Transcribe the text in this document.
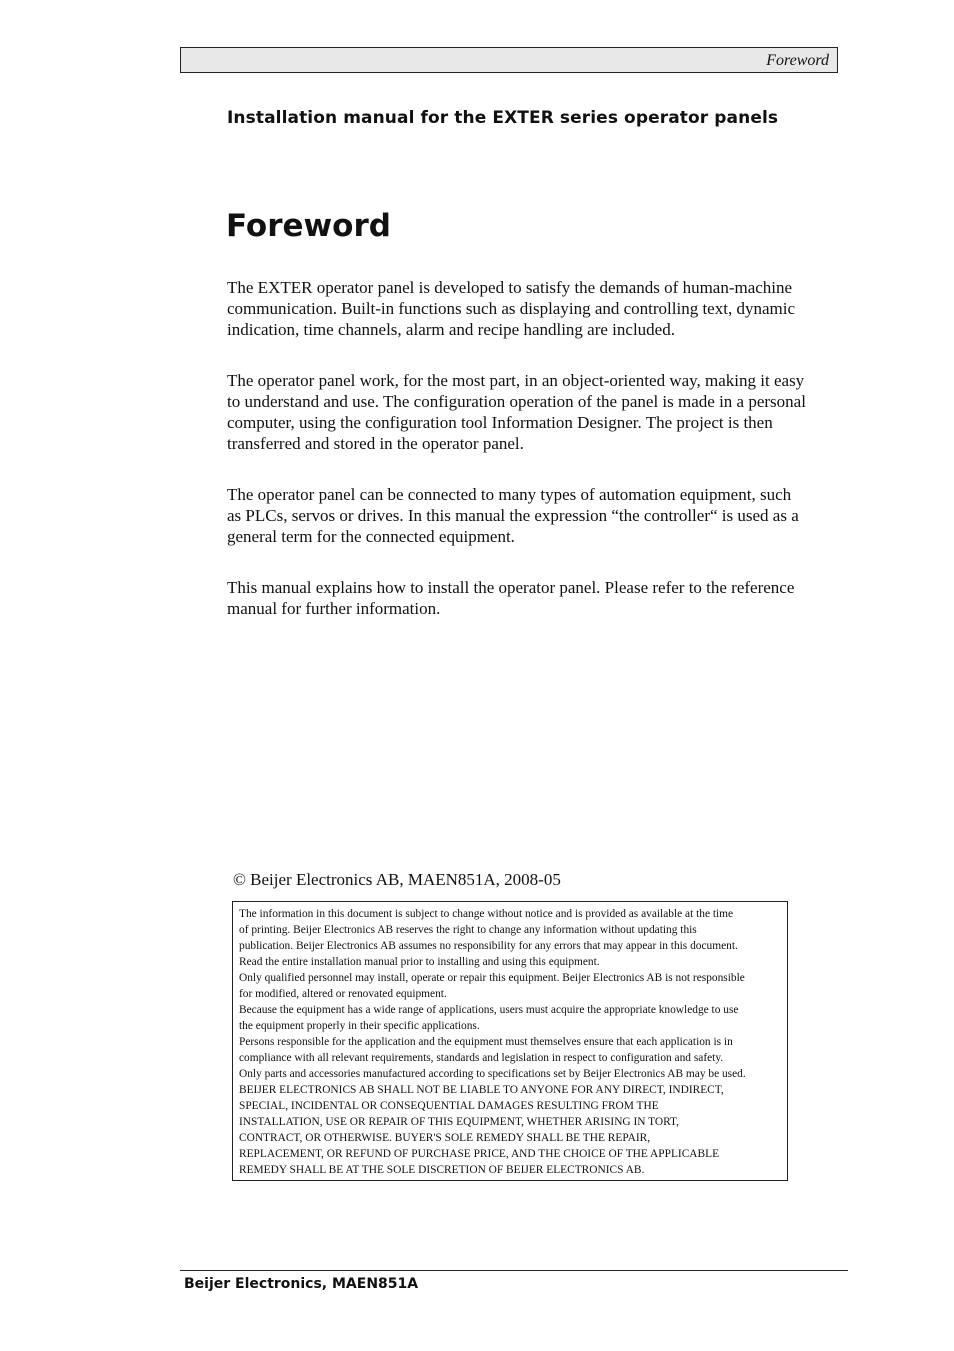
Foreword
Installation manual for the EXTER series operator panels
Foreword

The EXTER operator panel is developed to satisfy the demands of human-machine communication. Built-in functions such as displaying and controlling text, dynamic indication, time channels, alarm and recipe handling are included.

The operator panel work, for the most part, in an object-oriented way, making it easy to understand and use. The configuration operation of the panel is made in a personal computer, using the configuration tool Information Designer. The project is then transferred and stored in the operator panel.

The operator panel can be connected to many types of automation equipment, such as PLCs, servos or drives. In this manual the expression “the controller“ is used as a general term for the connected equipment.

This manual explains how to install the operator panel. Please refer to the reference manual for further information.

© Beijer Electronics AB, MAEN851A, 2008-05
The information in this document is subject to change without notice and is provided as available at the time
of printing. Beijer Electronics AB reserves the right to change any information without updating this
publication. Beijer Electronics AB assumes no responsibility for any errors that may appear in this document.
Read the entire installation manual prior to installing and using this equipment.
Only qualified personnel may install, operate or repair this equipment. Beijer Electronics AB is not responsible
for modified, altered or renovated equipment.
Because the equipment has a wide range of applications, users must acquire the appropriate knowledge to use
the equipment properly in their specific applications.
Persons responsible for the application and the equipment must themselves ensure that each application is in
compliance with all relevant requirements, standards and legislation in respect to configuration and safety.
Only parts and accessories manufactured according to specifications set by Beijer Electronics AB may be used.
BEIJER ELECTRONICS AB SHALL NOT BE LIABLE TO ANYONE FOR ANY DIRECT, INDIRECT,
SPECIAL, INCIDENTAL OR CONSEQUENTIAL DAMAGES RESULTING FROM THE
INSTALLATION, USE OR REPAIR OF THIS EQUIPMENT, WHETHER ARISING IN TORT,
CONTRACT, OR OTHERWISE. BUYER'S SOLE REMEDY SHALL BE THE REPAIR,
REPLACEMENT, OR REFUND OF PURCHASE PRICE, AND THE CHOICE OF THE APPLICABLE
REMEDY SHALL BE AT THE SOLE DISCRETION OF BEIJER ELECTRONICS AB.
Beijer Electronics, MAEN851A
